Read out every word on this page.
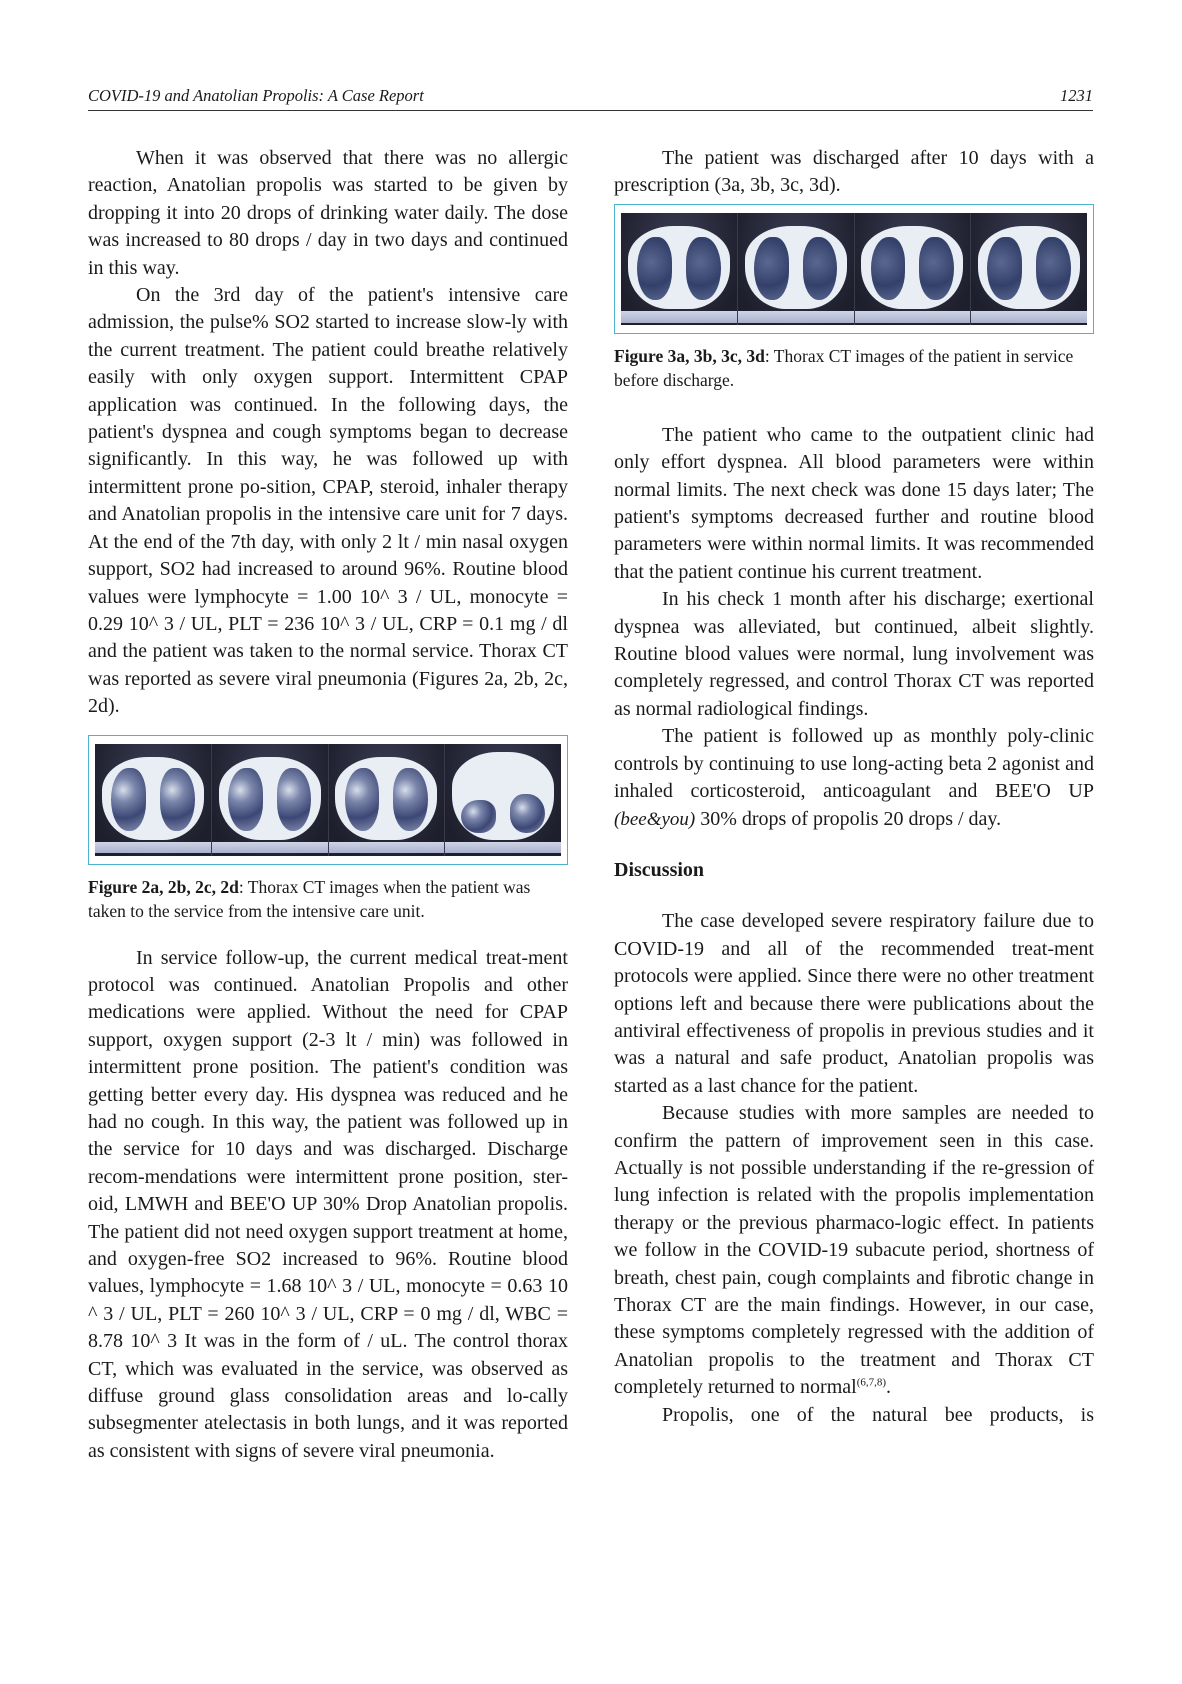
COVID-19 and Anatolian Propolis: A Case Report	1231

When it was observed that there was no allergic reaction, Anatolian propolis was started to be given by dropping it into 20 drops of drinking water daily. The dose was increased to 80 drops / day in two days and continued in this way.

On the 3rd day of the patient's intensive care admission, the pulse% SO2 started to increase slow-ly with the current treatment. The patient could breathe relatively easily with only oxygen support. Intermittent CPAP application was continued. In the following days, the patient's dyspnea and cough symptoms began to decrease significantly. In this way, he was followed up with intermittent prone po-sition, CPAP, steroid, inhaler therapy and Anatolian propolis in the intensive care unit for 7 days. At the end of the 7th day, with only 2 lt / min nasal oxygen support, SO2 had increased to around 96%. Routine blood values were lymphocyte = 1.00 10^ 3 / UL, monocyte = 0.29 10^ 3 / UL, PLT = 236 10^ 3 / UL, CRP = 0.1 mg / dl and the patient was taken to the normal service. Thorax CT was reported as severe viral pneumonia (Figures 2a, 2b, 2c, 2d).

Figure 2a, 2b, 2c, 2d: Thorax CT images when the patient was taken to the service from the intensive care unit.

In service follow-up, the current medical treat-ment protocol was continued. Anatolian Propolis and other medications were applied. Without the need for CPAP support, oxygen support (2-3 lt / min) was followed in intermittent prone position. The patient's condition was getting better every day. His dyspnea was reduced and he had no cough. In this way, the patient was followed up in the service for 10 days and was discharged. Discharge recom-mendations were intermittent prone position, ster-oid, LMWH and BEE'O UP 30% Drop Anatolian propolis. The patient did not need oxygen support treatment at home, and oxygen-free SO2 increased to 96%. Routine blood values, lymphocyte = 1.68 10^ 3 / UL, monocyte = 0.63 10 ^ 3 / UL, PLT = 260 10^ 3 / UL, CRP = 0 mg / dl, WBC = 8.78 10^ 3 It was in the form of / uL. The control thorax CT, which was evaluated in the service, was observed as diffuse ground glass consolidation areas and lo-cally subsegmenter atelectasis in both lungs, and it was reported as consistent with signs of severe viral pneumonia.

The patient was discharged after 10 days with a prescription (3a, 3b, 3c, 3d).

Figure 3a, 3b, 3c, 3d: Thorax CT images of the patient in service before discharge.

The patient who came to the outpatient clinic had only effort dyspnea. All blood parameters were within normal limits. The next check was done 15 days later; The patient's symptoms decreased further and routine blood parameters were within normal limits. It was recommended that the patient continue his current treatment.

In his check 1 month after his discharge; exertional dyspnea was alleviated, but continued, albeit slightly. Routine blood values were normal, lung involvement was completely regressed, and control Thorax CT was reported as normal radiological findings.

The patient is followed up as monthly poly-clinic controls by continuing to use long-acting beta 2 agonist and inhaled corticosteroid, anticoagulant and BEE'O UP (bee&you) 30% drops of propolis 20 drops / day.

Discussion

The case developed severe respiratory failure due to COVID-19 and all of the recommended treat-ment protocols were applied. Since there were no other treatment options left and because there were publications about the antiviral effectiveness of propolis in previous studies and it was a natural and safe product, Anatolian propolis was started as a last chance for the patient.

Because studies with more samples are needed to confirm the pattern of improvement seen in this case. Actually is not possible understanding if the re-gression of lung infection is related with the propolis implementation therapy or the previous pharmaco-logic effect. In patients we follow in the COVID-19 subacute period, shortness of breath, chest pain, cough complaints and fibrotic change in Thorax CT are the main findings. However, in our case, these symptoms completely regressed with the addition of Anatolian propolis to the treatment and Thorax CT completely returned to normal$^{(6,7,8)}$.

Propolis, one of the natural bee products, is
